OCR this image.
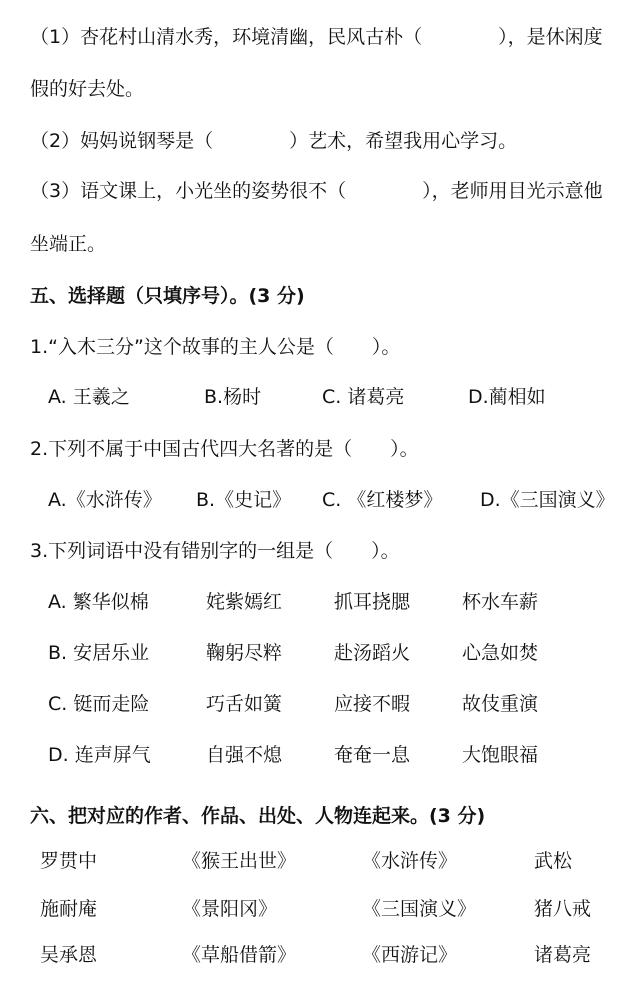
（1）杏花村山清水秀，环境清幽，民风古朴（　　　　），是休闲度
假的好去处。
（2）妈妈说钢琴是（　　　　）艺术，希望我用心学习。
（3）语文课上，小光坐的姿势很不（　　　　），老师用目光示意他
坐端正。
五、选择题（只填序号）。(3 分)
1.“入木三分”这个故事的主人公是（　　）。
A. 王羲之	B.杨时	C. 诸葛亮	D.蔺相如
2.下列不属于中国古代四大名著的是（　　）。
A.《水浒传》 B.《史记》 C. 《红楼梦》 D.《三国演义》
3.下列词语中没有错别字的一组是（　　）。
A. 繁华似棉	姹紫嫣红	抓耳挠腮	杯水车薪
B. 安居乐业	鞠躬尽粹	赴汤蹈火	心急如焚
C. 铤而走险	巧舌如簧	应接不暇	故伎重演
D. 连声屏气	自强不熄	奄奄一息	大饱眼福
六、把对应的作者、作品、出处、人物连起来。(3 分)
罗贯中	《猴王出世》	《水浒传》	武松
施耐庵	《景阳冈》	《三国演义》	猪八戒
吴承恩	《草船借箭》	《西游记》	诸葛亮
